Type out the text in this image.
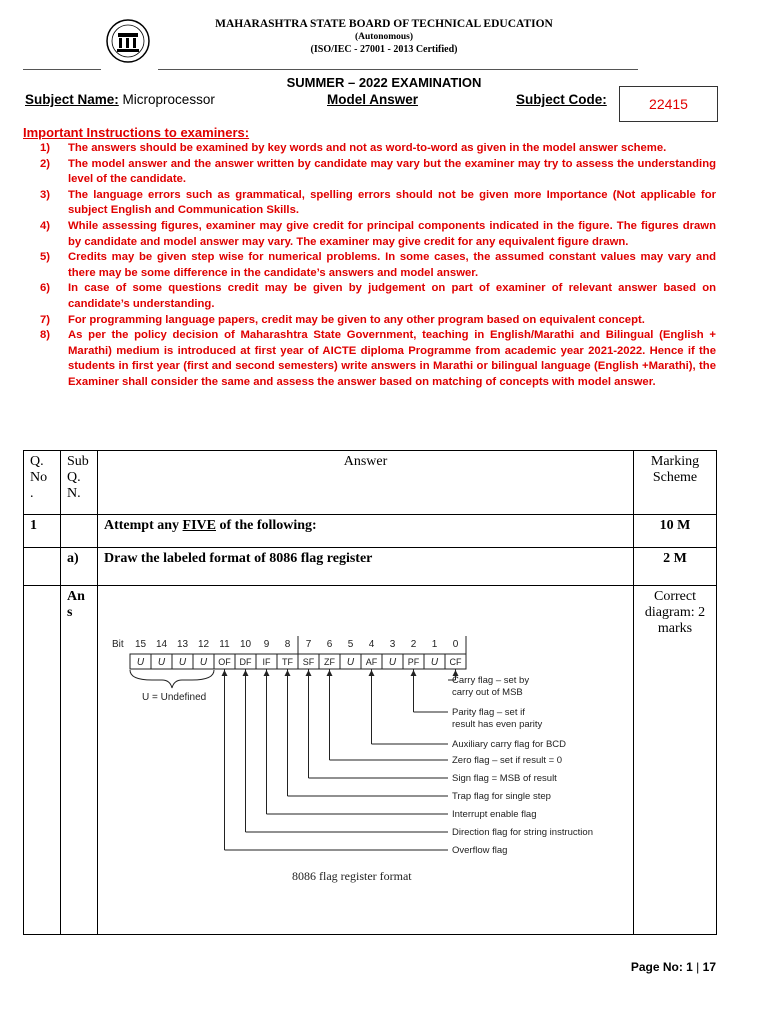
MAHARASHTRA STATE BOARD OF TECHNICAL EDUCATION
(Autonomous)
(ISO/IEC - 27001 - 2013 Certified)
SUMMER – 2022 EXAMINATION
Subject Name: Microprocessor	Model Answer	Subject Code:	22415
Important Instructions to examiners:
1) The answers should be examined by key words and not as word-to-word as given in the model answer scheme.
2) The model answer and the answer written by candidate may vary but the examiner may try to assess the understanding level of the candidate.
3) The language errors such as grammatical, spelling errors should not be given more Importance (Not applicable for subject English and Communication Skills.
4) While assessing figures, examiner may give credit for principal components indicated in the figure. The figures drawn by candidate and model answer may vary. The examiner may give credit for any equivalent figure drawn.
5) Credits may be given step wise for numerical problems. In some cases, the assumed constant values may vary and there may be some difference in the candidate’s answers and model answer.
6) In case of some questions credit may be given by judgement on part of examiner of relevant answer based on candidate’s understanding.
7) For programming language papers, credit may be given to any other program based on equivalent concept.
8) As per the policy decision of Maharashtra State Government, teaching in English/Marathi and Bilingual (English + Marathi) medium is introduced at first year of AICTE diploma Programme from academic year 2021-2022. Hence if the students in first year (first and second semesters) write answers in Marathi or bilingual language (English +Marathi), the Examiner shall consider the same and assess the answer based on matching of concepts with model answer.
Q. No .	Sub Q. N.	Answer	Marking Scheme
1		Attempt any FIVE of the following:	10 M
	a)	Draw the labeled format of 8086 flag register	2 M
	An s		Correct diagram: 2 marks
Bit 15 14 13 12 11 10 9 8 7 6 5 4 3 2 1 0
U U U U OF DF IF TF SF ZF U AF U PF U CF
Carry flag – set by
carry out of MSB
Parity flag – set if
result has even parity
Auxiliary carry flag for BCD
Zero flag – set if result = 0
Sign flag = MSB of result
Trap flag for single step
Interrupt enable flag
Direction flag for string instruction
Overflow flag
U = Undefined
8086 flag register format
Page No: 1 | 17
